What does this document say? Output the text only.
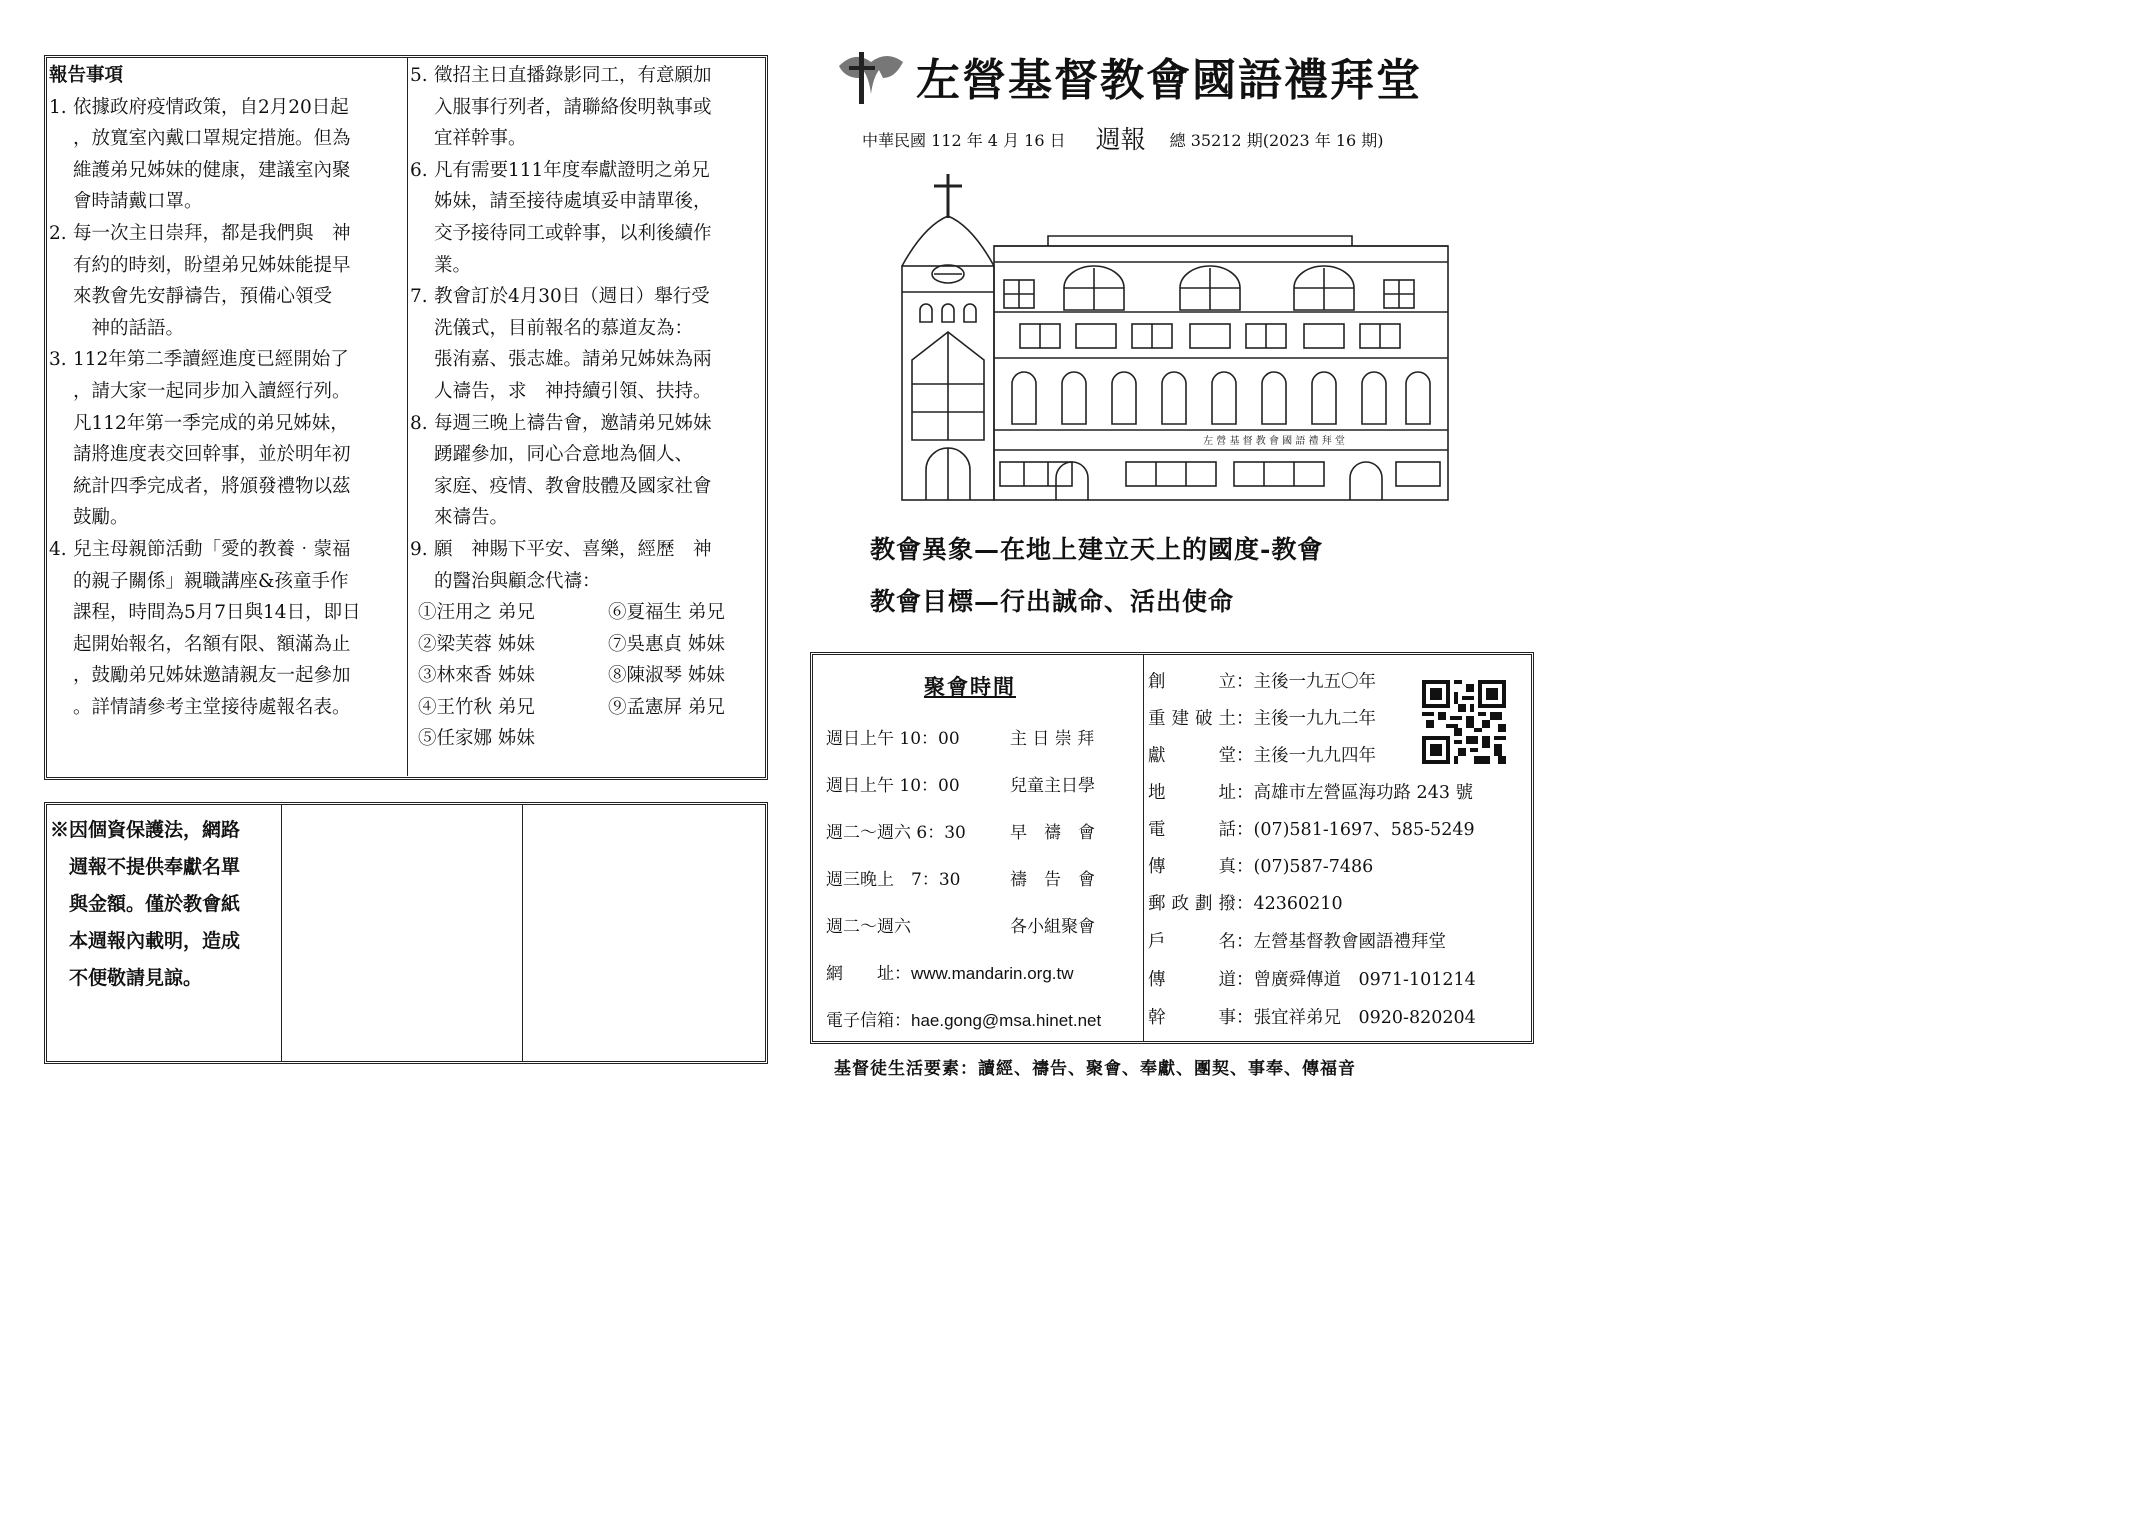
報告事項
1. 依據政府疫情政策，自2月20日起
，放寬室內戴口罩規定措施。但為
維護弟兄姊妹的健康，建議室內聚
會時請戴口罩。
2. 每一次主日崇拜，都是我們與　神
有約的時刻，盼望弟兄姊妹能提早
來教會先安靜禱告，預備心領受
　神的話語。
3. 112年第二季讀經進度已經開始了
，請大家一起同步加入讀經行列。
凡112年第一季完成的弟兄姊妹，
請將進度表交回幹事，並於明年初
統計四季完成者，將頒發禮物以茲
鼓勵。
4. 兒主母親節活動「愛的教養‧蒙福
的親子關係」親職講座&孩童手作
課程，時間為5月7日與14日，即日
起開始報名，名額有限、額滿為止
，鼓勵弟兄姊妹邀請親友一起參加
。詳情請參考主堂接待處報名表。
5. 徵招主日直播錄影同工，有意願加
入服事行列者，請聯絡俊明執事或
宜祥幹事。
6. 凡有需要111年度奉獻證明之弟兄
姊妹，請至接待處填妥申請單後，
交予接待同工或幹事，以利後續作
業。
7. 教會訂於4月30日（週日）舉行受
洗儀式，目前報名的慕道友為：
張洧嘉、張志雄。請弟兄姊妹為兩
人禱告，求　神持續引領、扶持。
8. 每週三晚上禱告會，邀請弟兄姊妹
踴躍參加，同心合意地為個人、
家庭、疫情、教會肢體及國家社會
來禱告。
9. 願　神賜下平安、喜樂，經歷　神
的醫治與顧念代禱：
①汪用之 弟兄	⑥夏福生 弟兄
②梁芙蓉 姊妹	⑦吳惠貞 姊妹
③林來香 姊妹	⑧陳淑琴 姊妹
④王竹秋 弟兄	⑨孟憲屏 弟兄
⑤任家娜 姊妹
※因個資保護法，網路
　週報不提供奉獻名單
　與金額。僅於教會紙
　本週報內載明，造成
　不便敬請見諒。
左營基督教會國語禮拜堂
中華民國 112 年 4 月 16 日 週報 總 35212 期(2023 年 16 期)
左 營 基 督 教 會 國 語 禮 拜 堂
教會異象—在地上建立天上的國度-教會
教會目標—行出誠命、活出使命
聚會時間
週日上午 10：00	主 日 崇 拜
週日上午 10：00	兒童主日學
週二～週六 6：30	早　禱　會
週三晚上　7：30	禱　告　會
週二～週六	各小組聚會
網　　址：www.mandarin.org.tw
電子信箱：hae.gong@msa.hinet.net
創立：主後一九五〇年
重建破土：主後一九九二年
獻堂：主後一九九四年
地址：高雄市左營區海功路 243 號
電話：(07)581-1697、585-5249
傳真：(07)587-7486
郵政劃撥：42360210
戶名：左營基督教會國語禮拜堂
傳道：曾廣舜傳道　0971-101214
幹事：張宜祥弟兄　0920-820204
基督徒生活要素：讀經、禱告、聚會、奉獻、團契、事奉、傳福音
